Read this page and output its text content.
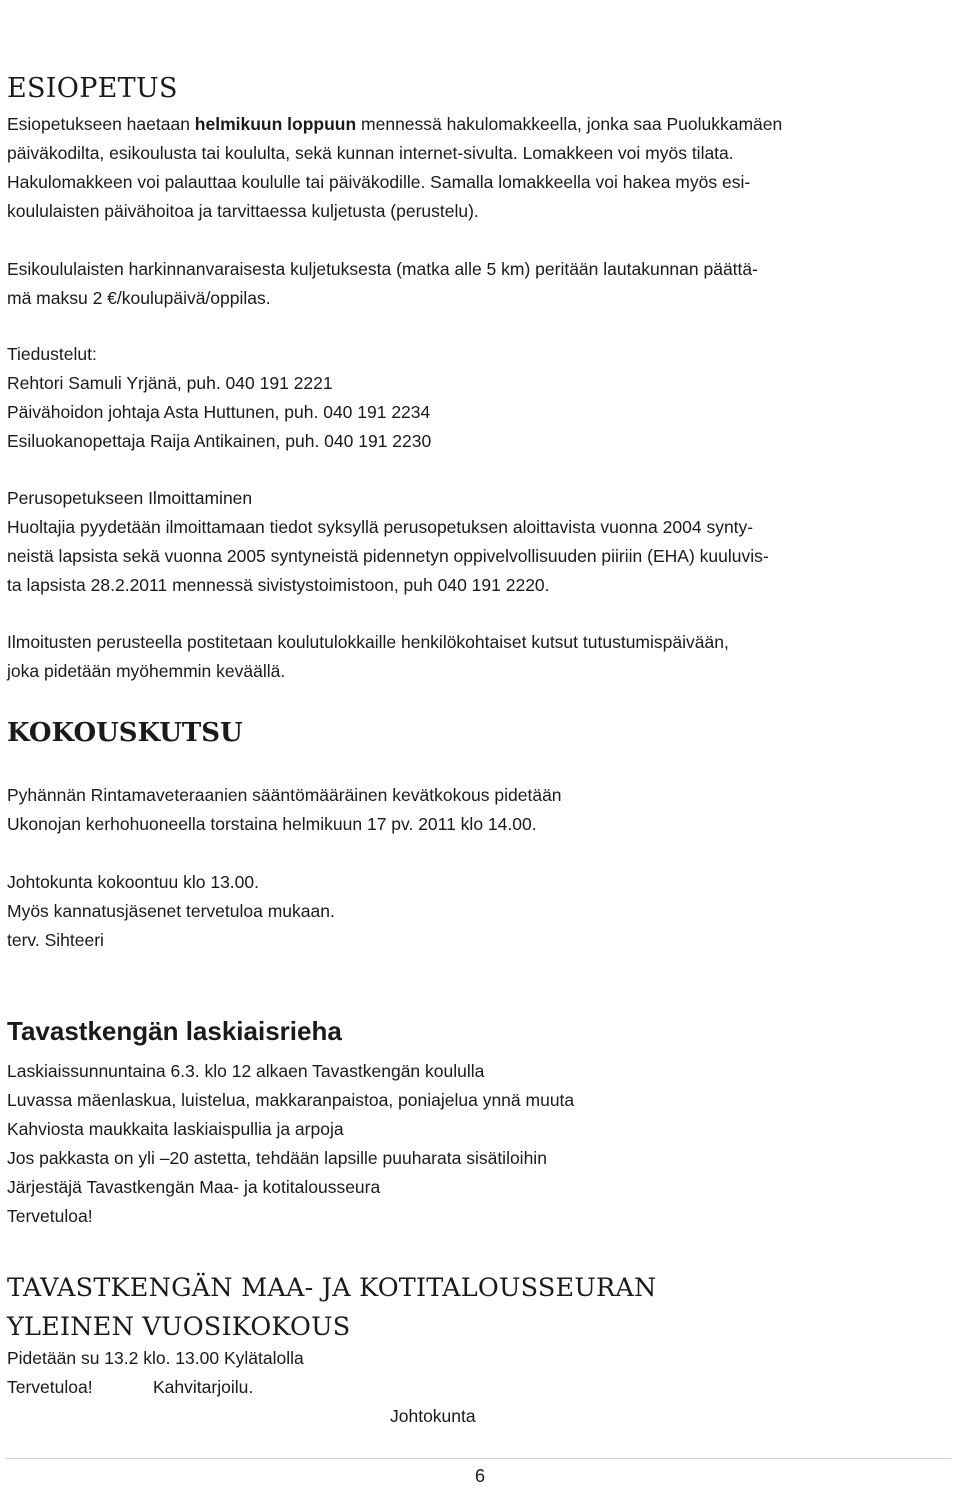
ESIOPETUS

Esiopetukseen haetaan helmikuun loppuun mennessä hakulomakkeella, jonka saa Puolukkamäen
päiväkodilta, esikoulusta tai koululta, sekä kunnan internet-sivulta. Lomakkeen voi myös tilata.
Hakulomakkeen voi palauttaa koululle tai päiväkodille. Samalla lomakkeella voi hakea myös esi-
koululaisten päivähoitoa ja tarvittaessa kuljetusta (perustelu).
Esikoululaisten harkinnanvaraisesta kuljetuksesta (matka alle 5 km) peritään lautakunnan päättä-
mä maksu 2 €/koulupäivä/oppilas.
Tiedustelut:
Rehtori Samuli Yrjänä, puh. 040 191 2221
Päivähoidon johtaja Asta Huttunen, puh. 040 191 2234
Esiluokanopettaja Raija Antikainen, puh. 040 191 2230
Perusopetukseen Ilmoittaminen
Huoltajia pyydetään ilmoittamaan tiedot syksyllä perusopetuksen aloittavista vuonna 2004 synty-
neistä lapsista sekä vuonna 2005 syntyneistä pidennetyn oppivelvollisuuden piiriin (EHA) kuuluvis-
ta lapsista 28.2.2011 mennessä sivistystoimistoon, puh 040 191 2220.
Ilmoitusten perusteella postitetaan koulutulokkaille henkilökohtaiset kutsut tutustumispäivään,
joka pidetään myöhemmin keväällä.

KOKOUSKUTSU

Pyhännän Rintamaveteraanien sääntömääräinen kevätkokous pidetään
Ukonojan kerhohuoneella torstaina helmikuun 17 pv. 2011 klo 14.00.
Johtokunta kokoontuu klo 13.00.
Myös kannatusjäsenet tervetuloa mukaan.
terv. Sihteeri

Tavastkengän laskiaisrieha

Laskiaissunnuntaina 6.3. klo 12 alkaen Tavastkengän koululla
Luvassa mäenlaskua, luistelua, makkaranpaistoa, poniajelua ynnä muuta
Kahviosta maukkaita laskiaispullia ja arpoja
Jos pakkasta on yli –20 astetta, tehdään lapsille puuharata sisätiloihin
Järjestäjä Tavastkengän Maa- ja kotitalousseura
Tervetuloa!
TAVASTKENGÄN MAA- JA KOTITALOUSSEURAN
YLEINEN VUOSIKOKOUS
Pidetään su 13.2 klo. 13.00 Kylätalolla
Tervetuloa!	Kahvitarjoilu.
Johtokunta
6
